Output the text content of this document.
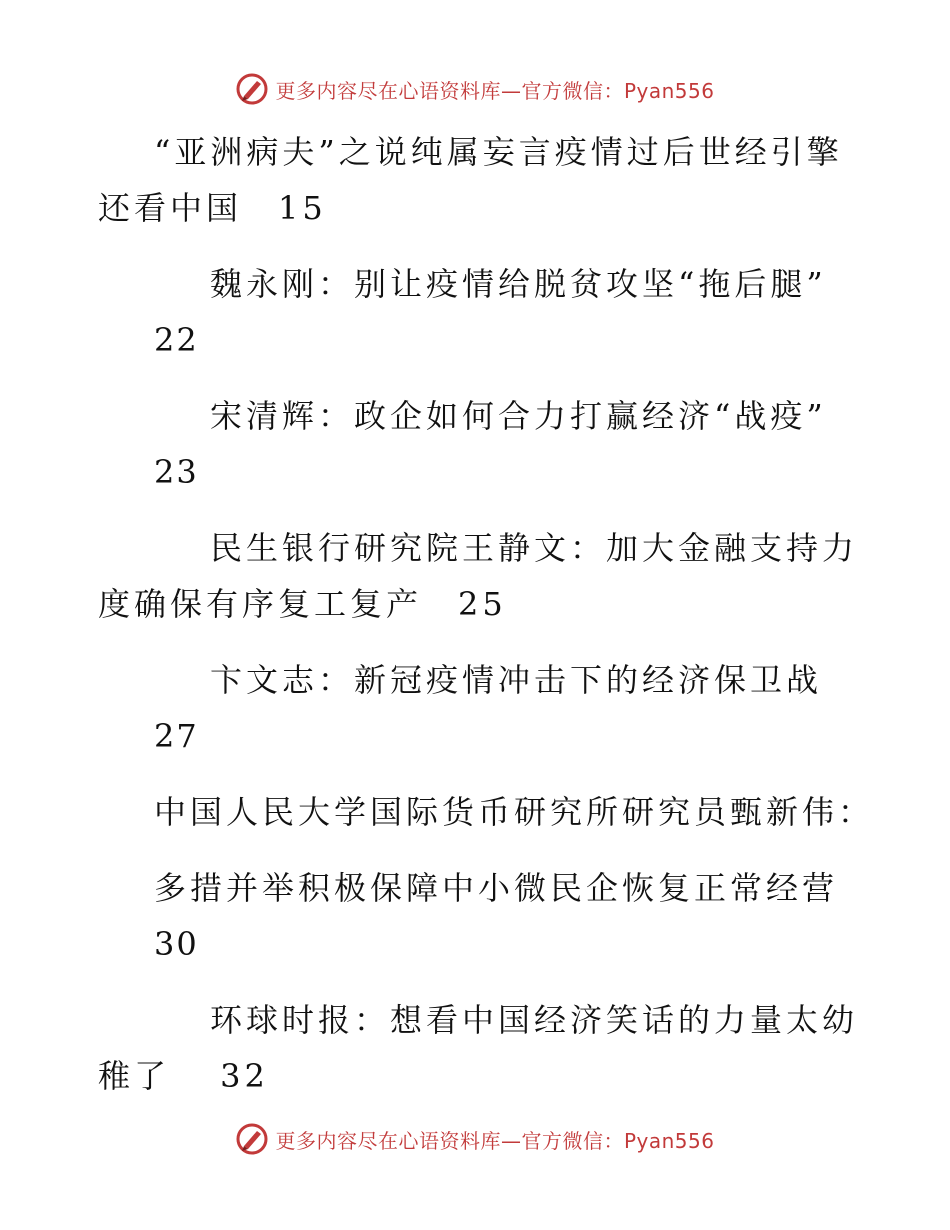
更多内容尽在心语资料库—官方微信：Pyan556
“亚洲病夫”之说纯属妄言疫情过后世经引擎
还看中国　15
魏永刚：别让疫情给脱贫攻坚“拖后腿”
22
宋清辉：政企如何合力打赢经济“战疫”
23
民生银行研究院王静文：加大金融支持力
度确保有序复工复产　25
卞文志：新冠疫情冲击下的经济保卫战
27
中国人民大学国际货币研究所研究员甄新伟：
多措并举积极保障中小微民企恢复正常经营
30
环球时报：想看中国经济笑话的力量太幼
稚了　 32
更多内容尽在心语资料库—官方微信：Pyan556
